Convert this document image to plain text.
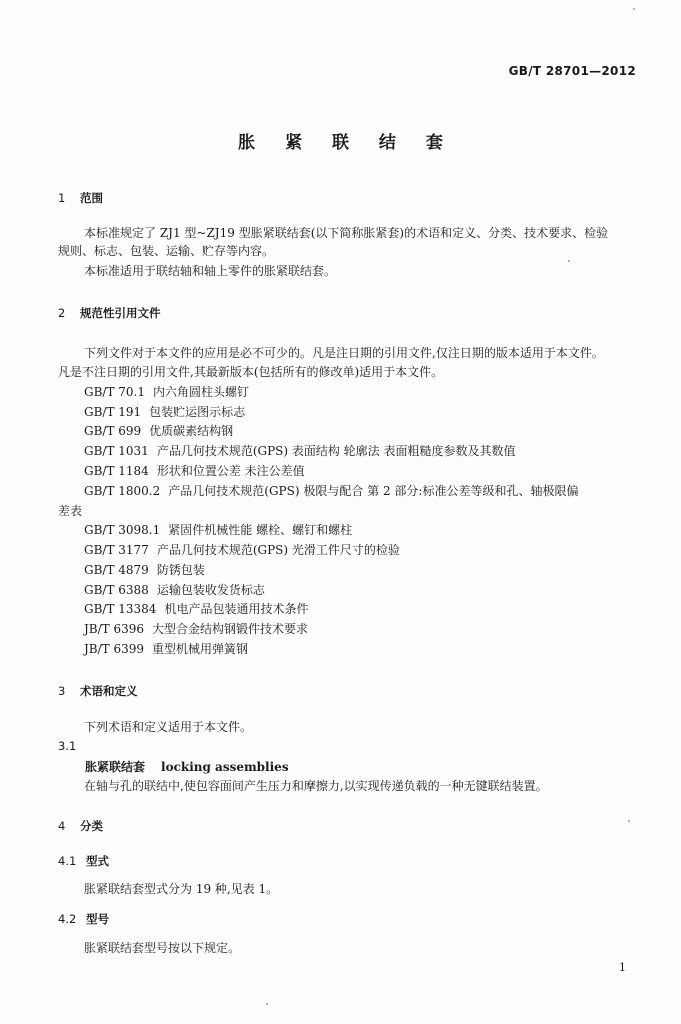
GB/T 28701—2012
胀 紧 联 结 套
1 范围
本标准规定了 ZJ1 型~ZJ19 型胀紧联结套(以下简称胀紧套)的术语和定义、分类、技术要求、检验
规则、标志、包装、运输、贮存等内容。
本标准适用于联结轴和轴上零件的胀紧联结套。
2 规范性引用文件
下列文件对于本文件的应用是必不可少的。凡是注日期的引用文件,仅注日期的版本适用于本文件。
凡是不注日期的引用文件,其最新版本(包括所有的修改单)适用于本文件。
GB/T 70.1 内六角圆柱头螺钉
GB/T 191 包装贮运图示标志
GB/T 699 优质碳素结构钢
GB/T 1031 产品几何技术规范(GPS) 表面结构 轮廓法 表面粗糙度参数及其数值
GB/T 1184 形状和位置公差 未注公差值
GB/T 1800.2 产品几何技术规范(GPS) 极限与配合 第 2 部分:标准公差等级和孔、轴极限偏
差表
GB/T 3098.1 紧固件机械性能 螺栓、螺钉和螺柱
GB/T 3177 产品几何技术规范(GPS) 光滑工件尺寸的检验
GB/T 4879 防锈包装
GB/T 6388 运输包装收发货标志
GB/T 13384 机电产品包装通用技术条件
JB/T 6396 大型合金结构钢锻件技术要求
JB/T 6399 重型机械用弹簧钢
3 术语和定义
下列术语和定义适用于本文件。
3.1
胀紧联结套 locking assemblies
在轴与孔的联结中,使包容面间产生压力和摩擦力,以实现传递负载的一种无键联结装置。
4 分类
4.1 型式
胀紧联结套型式分为 19 种,见表 1。
4.2 型号
胀紧联结套型号按以下规定。
1
